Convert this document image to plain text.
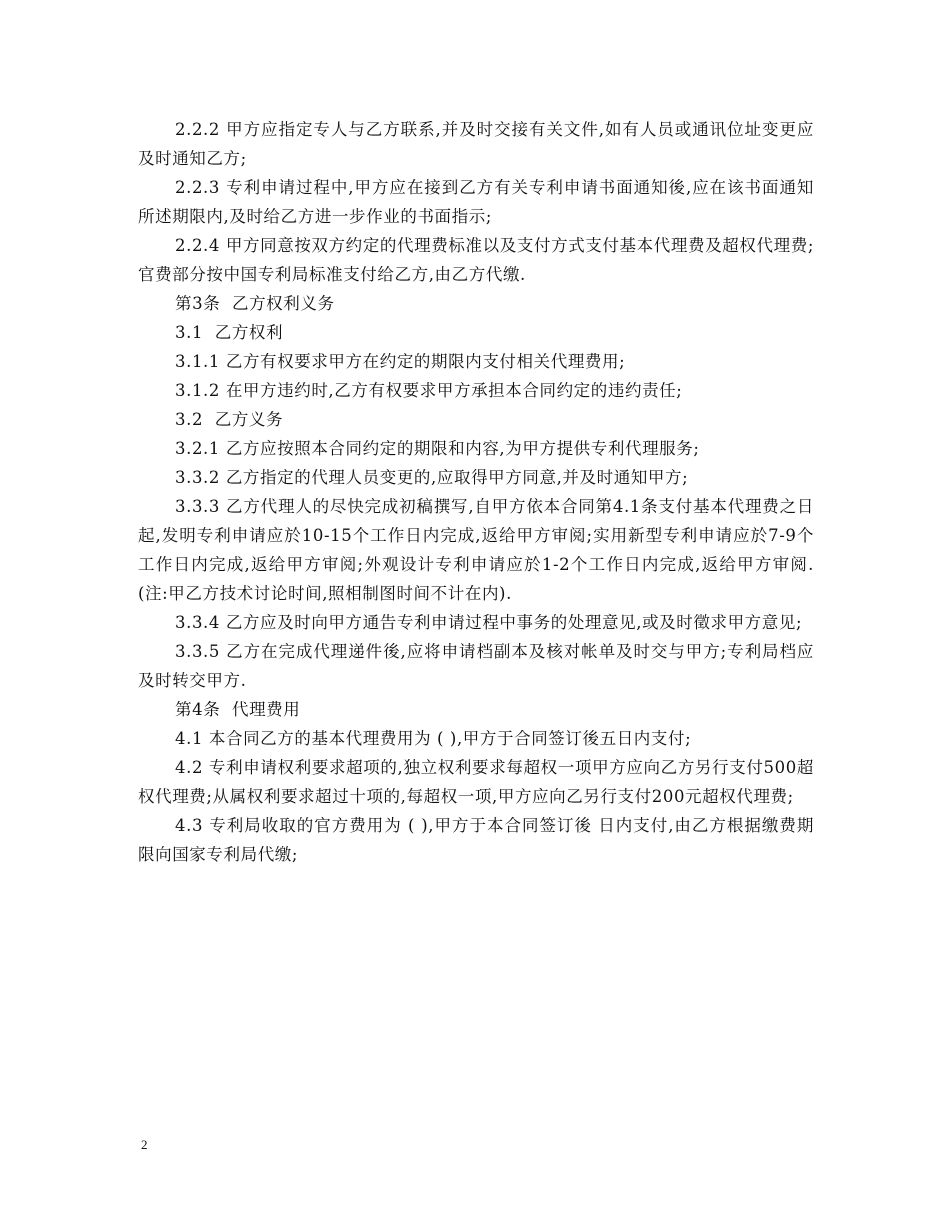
2.2.2 甲方应指定专人与乙方联系,并及时交接有关文件,如有人员或通讯位址变更应及时通知乙方;

2.2.3 专利申请过程中,甲方应在接到乙方有关专利申请书面通知後,应在该书面通知所述期限内,及时给乙方进一步作业的书面指示;

2.2.4 甲方同意按双方约定的代理费标准以及支付方式支付基本代理费及超权代理费;官费部分按中国专利局标准支付给乙方,由乙方代缴.

第3条  乙方权利义务

3.1  乙方权利

3.1.1 乙方有权要求甲方在约定的期限内支付相关代理费用;

3.1.2 在甲方违约时,乙方有权要求甲方承担本合同约定的违约责任;

3.2  乙方义务

3.2.1 乙方应按照本合同约定的期限和内容,为甲方提供专利代理服务;

3.3.2 乙方指定的代理人员变更的,应取得甲方同意,并及时通知甲方;

3.3.3 乙方代理人的尽快完成初稿撰写,自甲方依本合同第4.1条支付基本代理费之日起,发明专利申请应於10-15个工作日内完成,返给甲方审阅;实用新型专利申请应於7-9个工作日内完成,返给甲方审阅;外观设计专利申请应於1-2个工作日内完成,返给甲方审阅.(注:甲乙方技术讨论时间,照相制图时间不计在内).

3.3.4 乙方应及时向甲方通告专利申请过程中事务的处理意见,或及时徵求甲方意见;

3.3.5 乙方在完成代理递件後,应将申请档副本及核对帐单及时交与甲方;专利局档应及时转交甲方.

第4条  代理费用

4.1 本合同乙方的基本代理费用为 ( ),甲方于合同签订後五日内支付;

4.2 专利申请权利要求超项的,独立权利要求每超权一项甲方应向乙方另行支付500超权代理费;从属权利要求超过十项的,每超权一项,甲方应向乙另行支付200元超权代理费;

4.3 专利局收取的官方费用为 ( ),甲方于本合同签订後 日内支付,由乙方根据缴费期限向国家专利局代缴;

2
